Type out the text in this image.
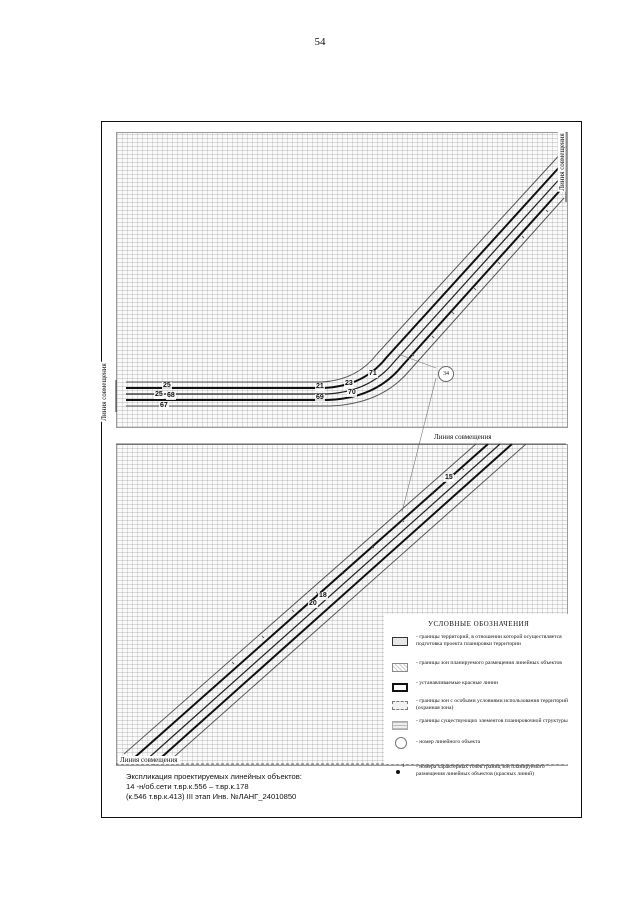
54
Линия совмещения
Линия совмещения
Линия совмещения
Линия совмещения
34
25
25 68
67
21	23
69
70
71
15
18
20
УСЛОВНЫЕ ОБОЗНАЧЕНИЯ
- границы территорий, в отношении которой осуществляется подготовка проекта планировки территории
- границы зон планируемого размещения линейных объектов
- устанавливаемые красные линии
- границы зон с особыми условиями использования территорий (охранная зона)
- границы существующих элементов планировочной структуры
- номер линейного объекта
1 - номера характерных точек границ зон планируемого размещения линейных объектов (красных линий)
Экспликация проектируемых линейных объектов:
14 -н/об.сети т.вр.к.556 – т.вр.к.178
(к.546 т.вр.к.413) III этап Инв. №ЛАНГ_24010850
